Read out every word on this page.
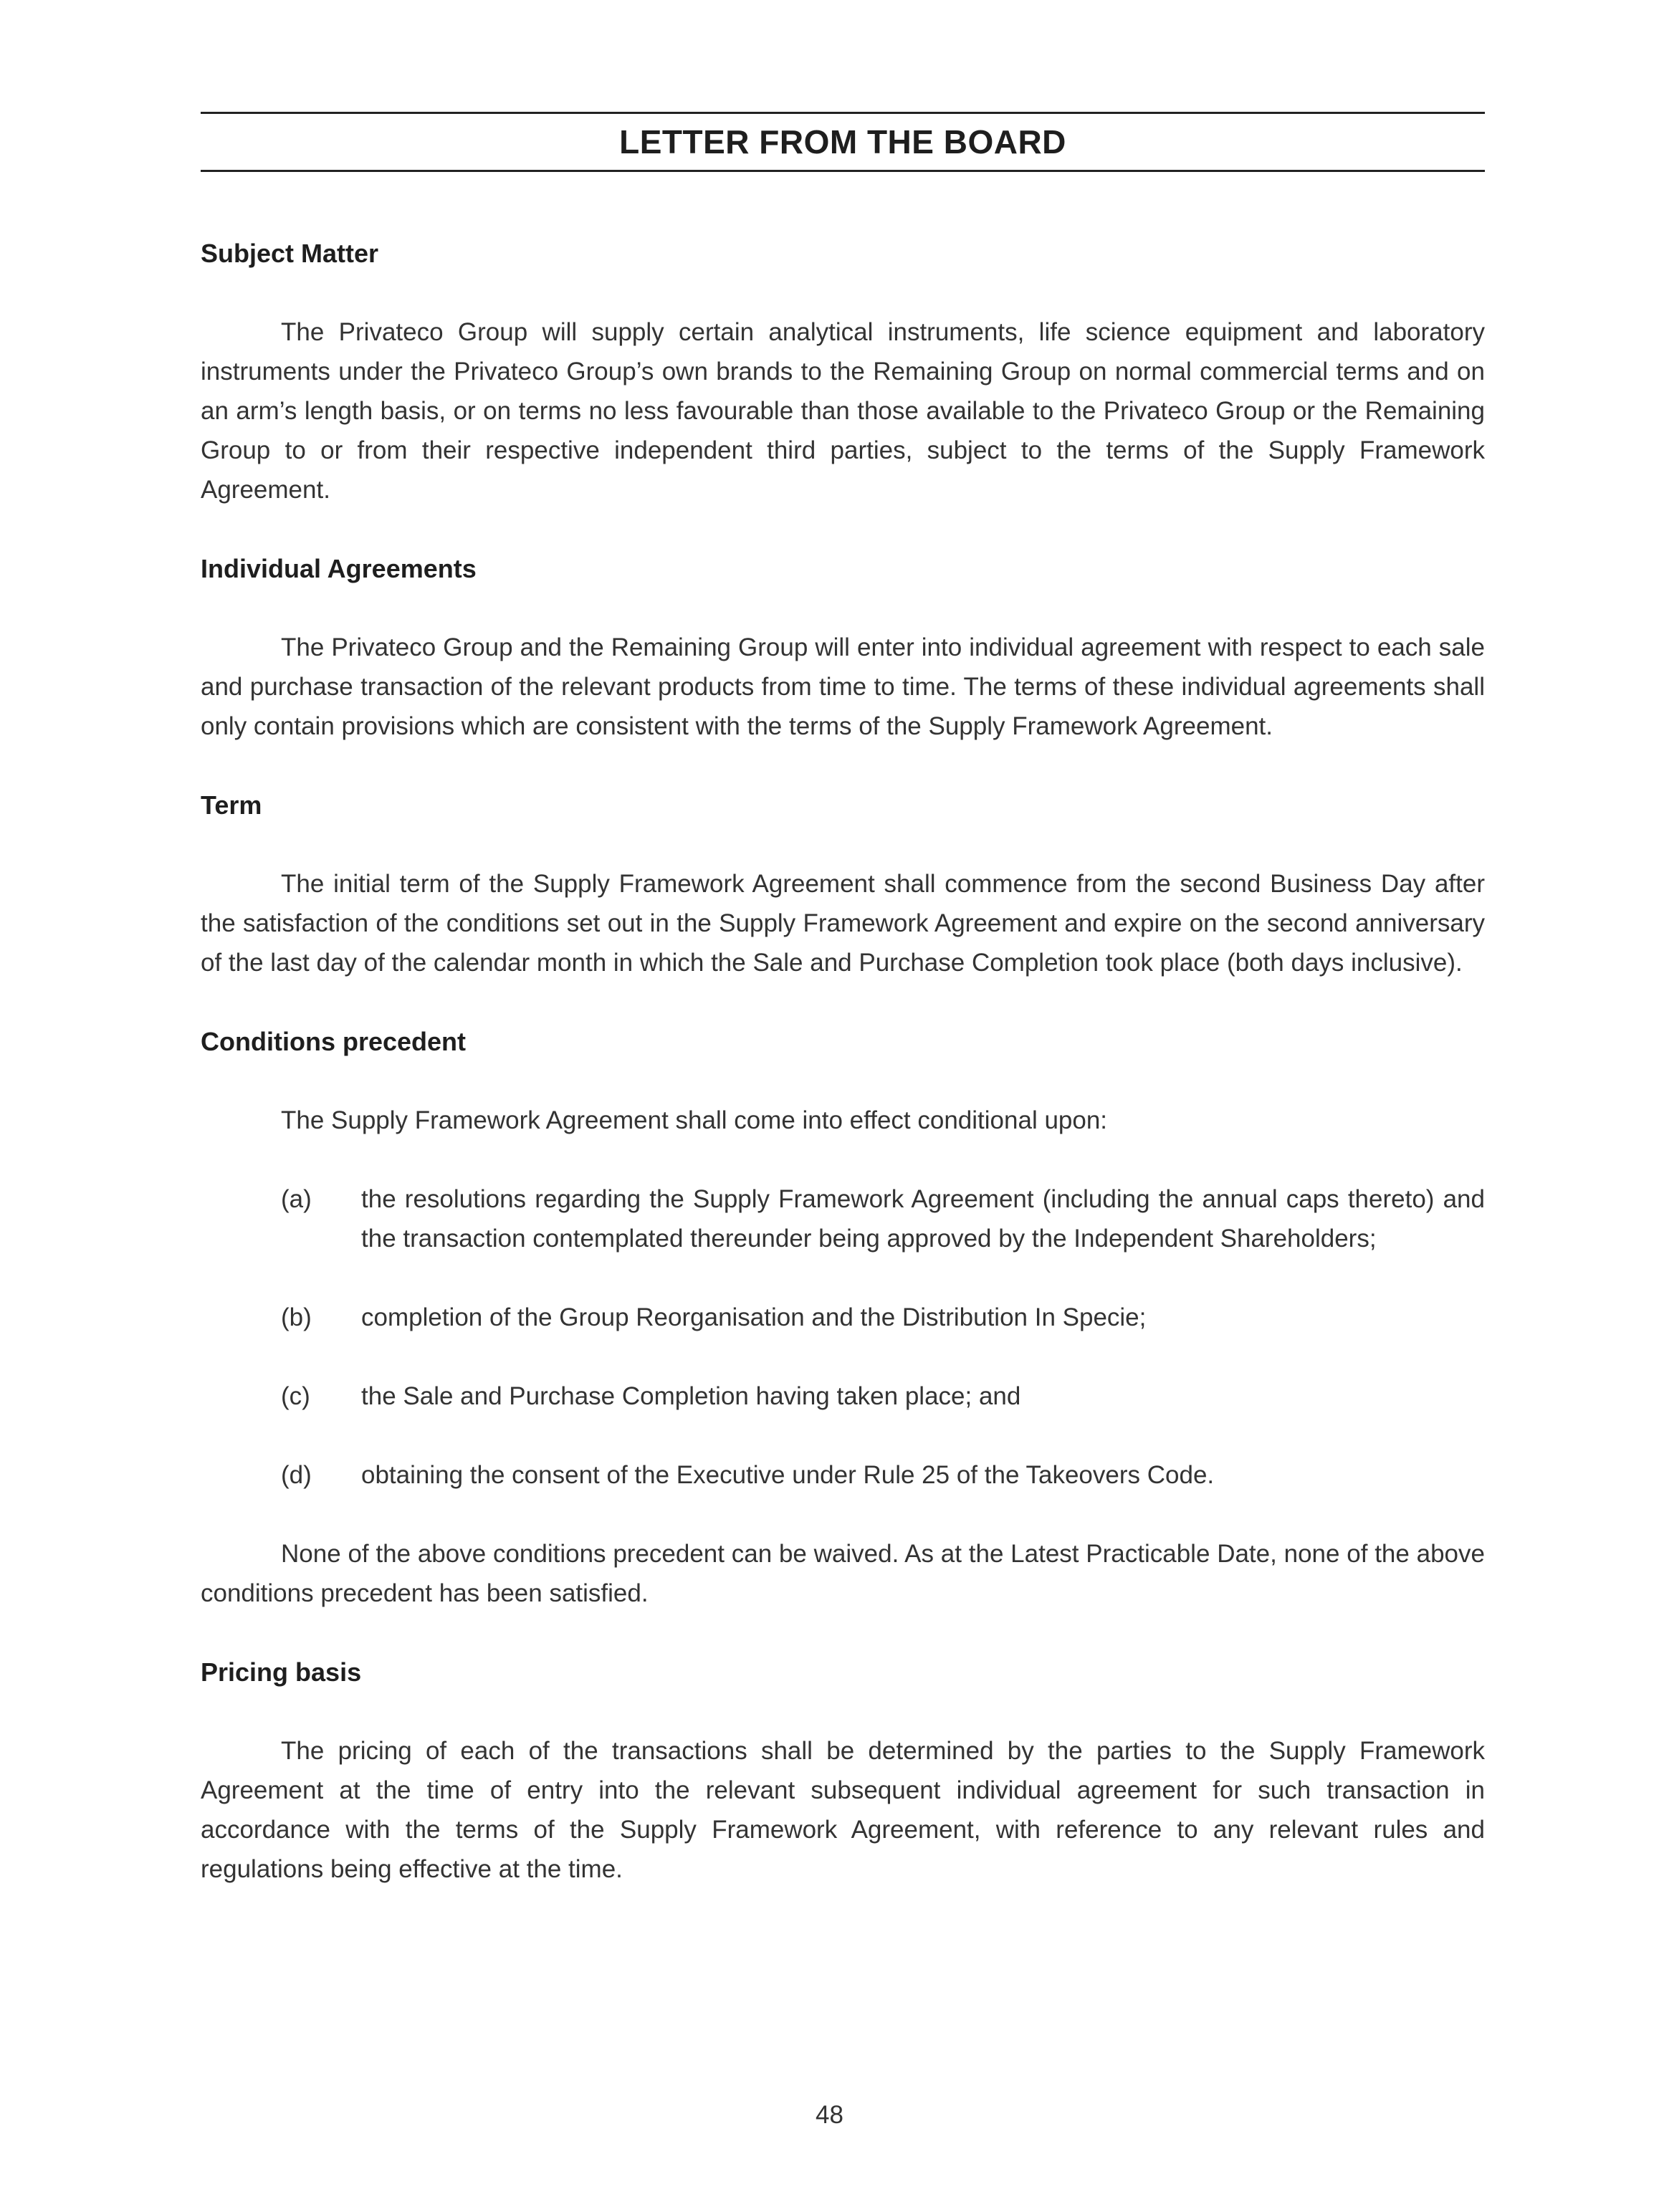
LETTER FROM THE BOARD
Subject Matter

The Privateco Group will supply certain analytical instruments, life science equipment and laboratory instruments under the Privateco Group’s own brands to the Remaining Group on normal commercial terms and on an arm’s length basis, or on terms no less favourable than those available to the Privateco Group or the Remaining Group to or from their respective independent third parties, subject to the terms of the Supply Framework Agreement.

Individual Agreements

The Privateco Group and the Remaining Group will enter into individual agreement with respect to each sale and purchase transaction of the relevant products from time to time. The terms of these individual agreements shall only contain provisions which are consistent with the terms of the Supply Framework Agreement.

Term

The initial term of the Supply Framework Agreement shall commence from the second Business Day after the satisfaction of the conditions set out in the Supply Framework Agreement and expire on the second anniversary of the last day of the calendar month in which the Sale and Purchase Completion took place (both days inclusive).

Conditions precedent

The Supply Framework Agreement shall come into effect conditional upon:

(a)	the resolutions regarding the Supply Framework Agreement (including the annual caps thereto) and the transaction contemplated thereunder being approved by the Independent Shareholders;
(b)	completion of the Group Reorganisation and the Distribution In Specie;
(c)	the Sale and Purchase Completion having taken place; and
(d)	obtaining the consent of the Executive under Rule 25 of the Takeovers Code.

None of the above conditions precedent can be waived. As at the Latest Practicable Date, none of the above conditions precedent has been satisfied.

Pricing basis

The pricing of each of the transactions shall be determined by the parties to the Supply Framework Agreement at the time of entry into the relevant subsequent individual agreement for such transaction in accordance with the terms of the Supply Framework Agreement, with reference to any relevant rules and regulations being effective at the time.

48
